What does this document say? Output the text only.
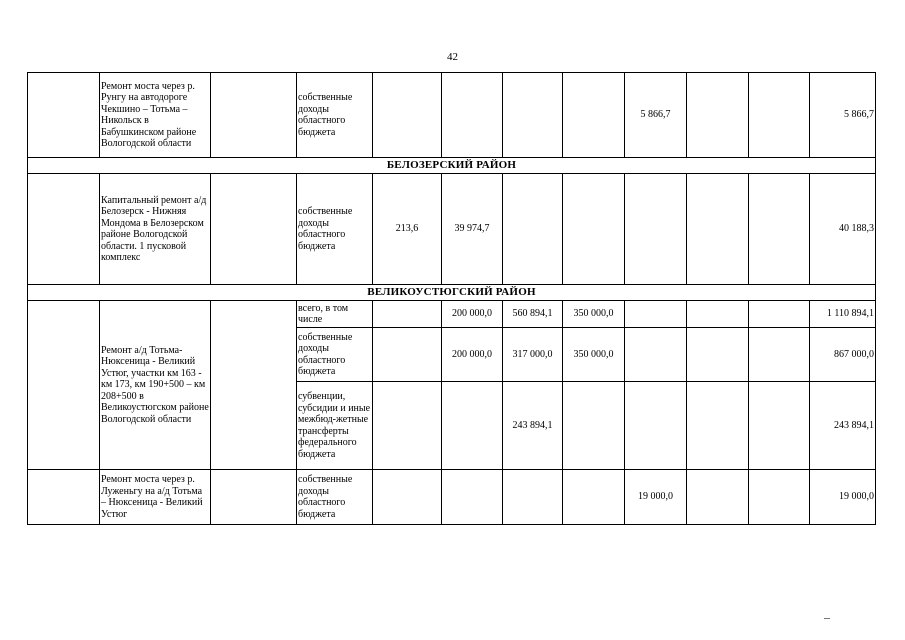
42
	Ремонт моста через р. Рунгу на автодороге Чекшино – Тотьма – Никольск в Бабушкинском районе Вологодской области		собственные доходы областного бюджета					5 866,7			5 866,7
БЕЛОЗЕРСКИЙ РАЙОН											
	Капитальный ремонт а/д Белозерск - Нижняя Мондома в Белозерском районе Вологодской области. 1 пусковой комплекс		собственные доходы областного бюджета	213,6	39 974,7						40 188,3
ВЕЛИКОУСТЮГСКИЙ РАЙОН											
	Ремонт а/д Тотьма-Нюксеница - Великий Устюг, участки км 163 - км 173, км 190+500 – км 208+500 в Великоустюгском районе Вологодской области		всего, в том числе		200 000,0	560 894,1	350 000,0				1 110 894,1
			собственные доходы областного бюджета		200 000,0	317 000,0	350 000,0				867 000,0
			субвенции, субсидии и иные межбюд-жетные трансферты федерального бюджета			243 894,1					243 894,1
	Ремонт моста через р. Луженьгу на а/д Тотьма – Нюксеница - Великий Устюг		собственные доходы областного бюджета					19 000,0			19 000,0
